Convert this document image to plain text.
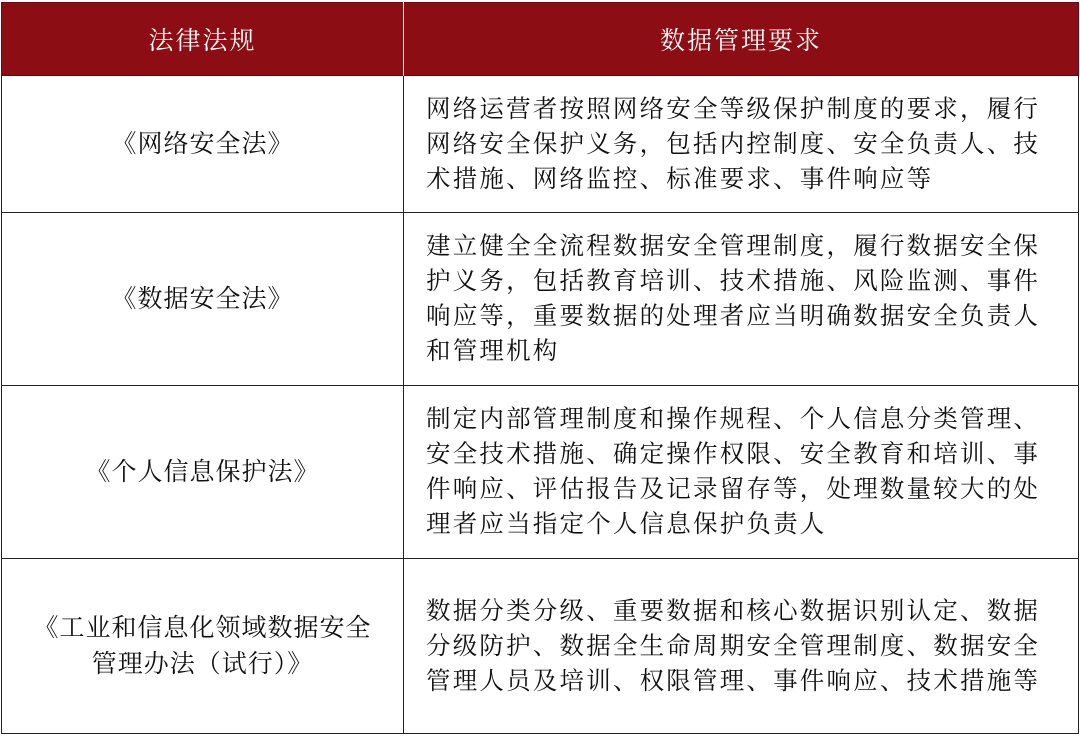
法律法规	数据管理要求
《网络安全法》	网络运营者按照网络安全等级保护制度的要求，履行网络安全保护义务，包括内控制度、安全负责人、技术措施、网络监控、标准要求、事件响应等
《数据安全法》	建立健全全流程数据安全管理制度，履行数据安全保护义务，包括教育培训、技术措施、风险监测、事件响应等，重要数据的处理者应当明确数据安全负责人和管理机构
《个人信息保护法》	制定内部管理制度和操作规程、个人信息分类管理、安全技术措施、确定操作权限、安全教育和培训、事件响应、评估报告及记录留存等，处理数量较大的处理者应当指定个人信息保护负责人
《工业和信息化领域数据安全管理办法（试行）》	数据分类分级、重要数据和核心数据识别认定、数据分级防护、数据全生命周期安全管理制度、数据安全管理人员及培训、权限管理、事件响应、技术措施等
